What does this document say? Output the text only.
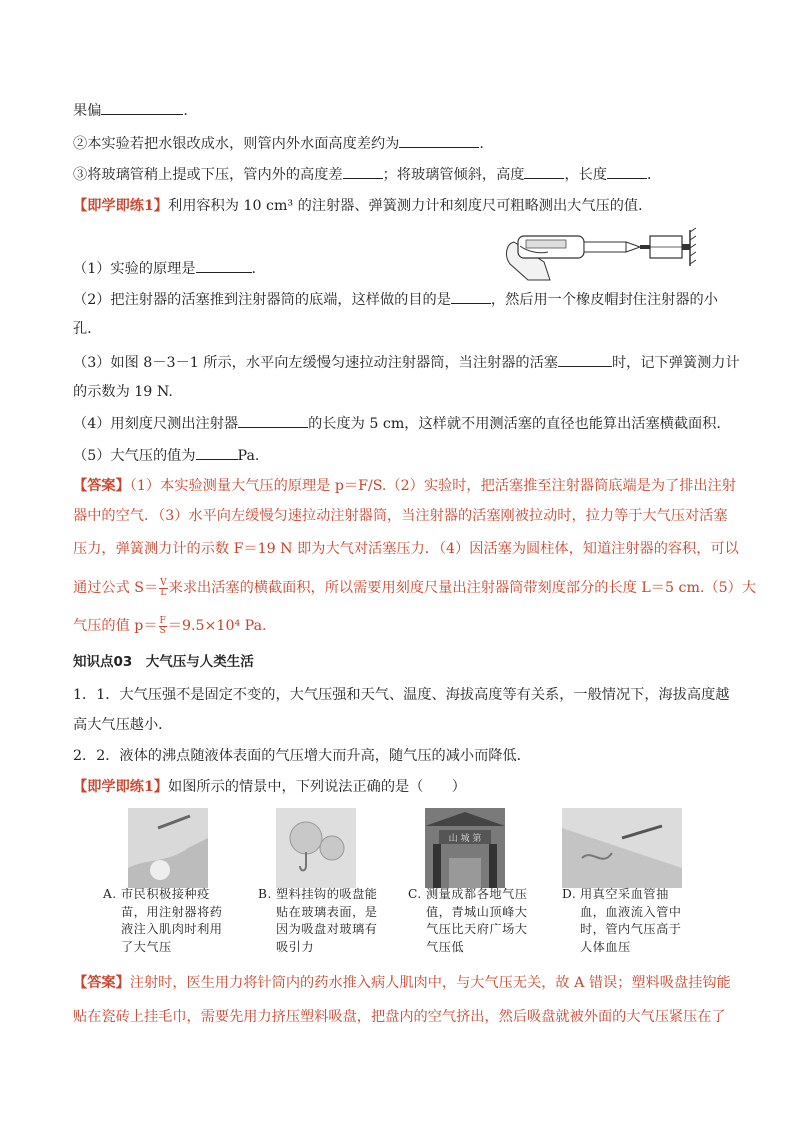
果偏	.
②本实验若把水银改成水，则管内外水面高度差约为	.
③将玻璃管稍上提或下压，管内外的高度差	；将玻璃管倾斜，高度	，长度	．
【即学即练1】利用容积为 10 cm³ 的注射器、弹簧测力计和刻度尺可粗略测出大气压的值．
（1）实验的原理是	.
（2）把注射器的活塞推到注射器筒的底端，这样做的目的是	，然后用一个橡皮帽封住注射器的小
孔．
（3）如图 8－3－1 所示，水平向左缓慢匀速拉动注射器筒，当注射器的活塞	时，记下弹簧测力计
的示数为 19 N.
（4）用刻度尺测出注射器	的长度为 5 cm，这样就不用测活塞的直径也能算出活塞横截面积．
（5）大气压的值为	Pa.
【答案】（1）本实验测量大气压的原理是 p＝F/S.（2）实验时，把活塞推至注射器筒底端是为了排出注射
器中的空气．（3）水平向左缓慢匀速拉动注射器筒，当注射器的活塞刚被拉动时，拉力等于大气压对活塞
压力，弹簧测力计的示数 F＝19 N 即为大气对活塞压力．（4）因活塞为圆柱体，知道注射器的容积，可以
通过公式 $S= \frac{V}{L}$ 来求出活塞的横截面积，所以需要用刻度尺量出注射器筒带刻度部分的长度 L＝5 cm.（5）大
气压的值 $p= \frac{F}{S} =9.5\times 10^4$ Pa.
知识点03　大气压与人类生活
1．1．大气压强不是固定不变的，大气压强和天气、温度、海拔高度等有关系，一般情况下，海拔高度越
高大气压越小．
2．2．液体的沸点随液体表面的气压增大而升高，随气压的减小而降低．
【即学即练1】如图所示的情景中，下列说法正确的是（　　）
山 城 第
A. 市民积极接种疫苗，用注射器将药液注入肌肉时利用了大气压
B. 塑料挂钩的吸盘能贴在玻璃表面，是因为吸盘对玻璃有吸引力
C. 测量成都各地气压值，青城山顶峰大气压比天府广场大气压低
D. 用真空采血管抽血，血液流入管中时，管内气压高于人体血压
【答案】注射时，医生用力将针筒内的药水推入病人肌肉中，与大气压无关，故 A 错误；塑料吸盘挂钩能
贴在瓷砖上挂毛巾，需要先用力挤压塑料吸盘，把盘内的空气挤出，然后吸盘就被外面的大气压紧压在了
